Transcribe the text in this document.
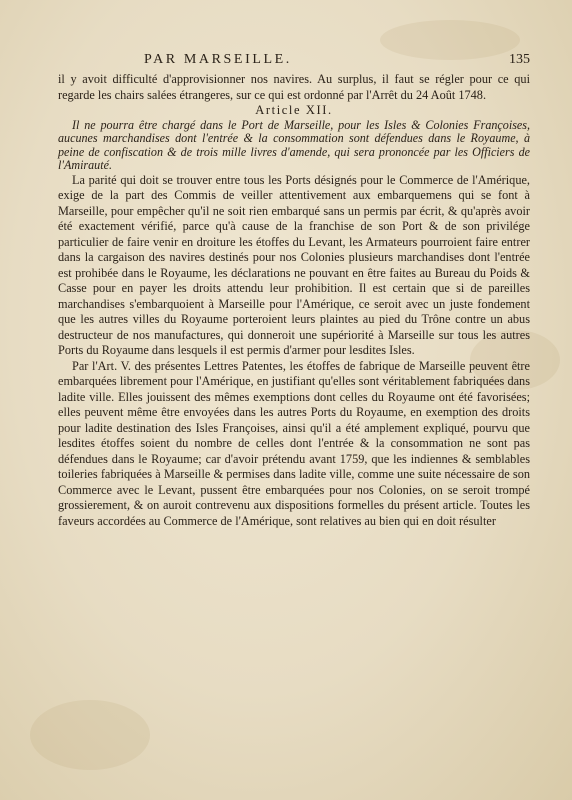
PAR MARSEILLE.	135

il y avoit difficulté d'approvisionner nos navires. Au surplus, il faut se régler pour ce qui regarde les chairs salées étrangeres, sur ce qui est ordonné par l'Arrêt du 24 Août 1748.

Article XII.

Il ne pourra être chargé dans le Port de Marseille, pour les Isles & Colonies Françoises, aucunes marchandises dont l'entrée & la consommation sont défendues dans le Royaume, à peine de confiscation & de trois mille livres d'amende, qui sera prononcée par les Officiers de l'Amirauté.

La parité qui doit se trouver entre tous les Ports désignés pour le Commerce de l'Amérique, exige de la part des Commis de veiller attentivement aux embarquemens qui se font à Marseille, pour empêcher qu'il ne soit rien embarqué sans un permis par écrit, & qu'après avoir été exactement vérifié, parce qu'à cause de la franchise de son Port & de son privilége particulier de faire venir en droiture les étoffes du Levant, les Armateurs pourroient faire entrer dans la cargaison des navires destinés pour nos Colonies plusieurs marchandises dont l'entrée est prohibée dans le Royaume, les déclarations ne pouvant en être faites au Bureau du Poids & Casse pour en payer les droits attendu leur prohibition. Il est certain que si de pareilles marchandises s'embarquoient à Marseille pour l'Amérique, ce seroit avec un juste fondement que les autres villes du Royaume porteroient leurs plaintes au pied du Trône contre un abus destructeur de nos manufactures, qui donneroit une supériorité à Marseille sur tous les autres Ports du Royaume dans lesquels il est permis d'armer pour lesdites Isles.

Par l'Art. V. des présentes Lettres Patentes, les étoffes de fabrique de Marseille peuvent être embarquées librement pour l'Amérique, en justifiant qu'elles sont véritablement fabriquées dans ladite ville. Elles jouissent des mêmes exemptions dont celles du Royaume ont été favorisées; elles peuvent même être envoyées dans les autres Ports du Royaume, en exemption des droits pour ladite destination des Isles Françoises, ainsi qu'il a été amplement expliqué, pourvu que lesdites étoffes soient du nombre de celles dont l'entrée & la consommation ne sont pas défendues dans le Royaume; car d'avoir prétendu avant 1759, que les indiennes & semblables toileries fabriquées à Marseille & permises dans ladite ville, comme une suite nécessaire de son Commerce avec le Levant, pussent être embarquées pour nos Colonies, on se seroit trompé grossierement, & on auroit contrevenu aux dispositions formelles du présent article. Toutes les faveurs accordées au Commerce de l'Amérique, sont relatives au bien qui en doit résulter
